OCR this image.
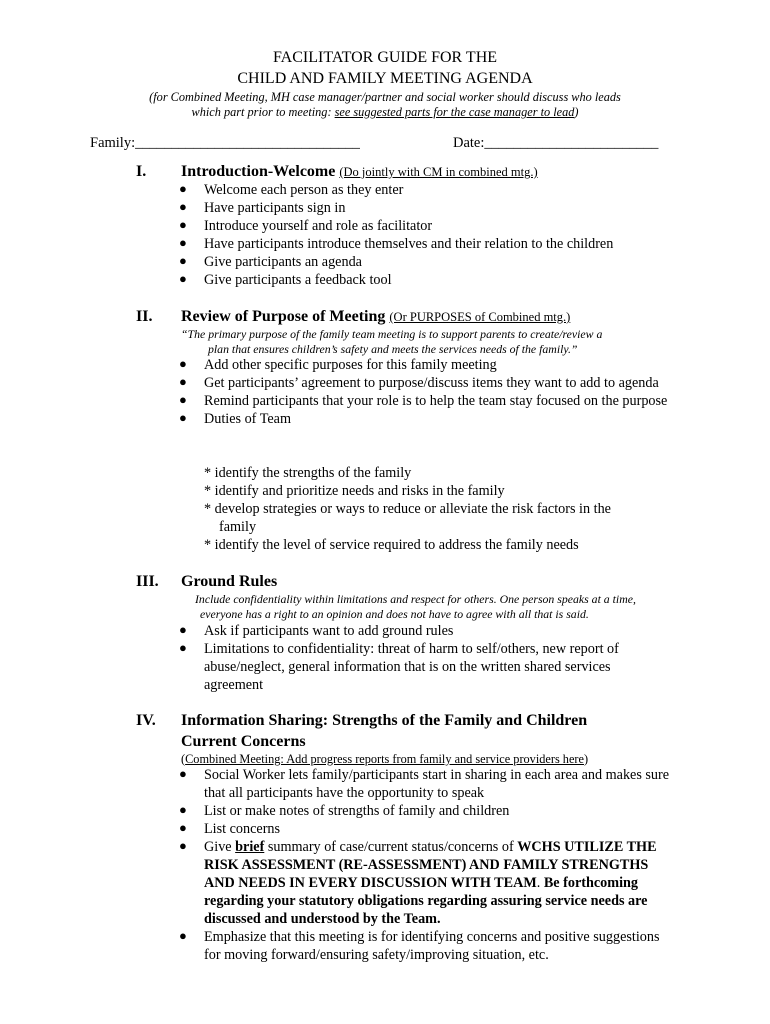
FACILITATOR GUIDE FOR THE
CHILD AND FAMILY MEETING AGENDA
(for Combined Meeting, MH case manager/partner and social worker should discuss who leads
which part prior to meeting: see suggested parts for the case manager to lead)
Family:_______________________________	Date:________________________
I. Introduction-Welcome (Do jointly with CM in combined mtg.)
● Welcome each person as they enter
● Have participants sign in
● Introduce yourself and role as facilitator
● Have participants introduce themselves and their relation to the children
● Give participants an agenda
● Give participants a feedback tool
II. Review of Purpose of Meeting (Or PURPOSES of Combined mtg.)
“The primary purpose of the family team meeting is to support parents to create/review a
plan that ensures children’s safety and meets the services needs of the family.”
● Add other specific purposes for this family meeting
● Get participants’ agreement to purpose/discuss items they want to add to agenda
● Remind participants that your role is to help the team stay focused on the purpose
● Duties of Team
* identify the strengths of the family
* identify and prioritize needs and risks in the family
* develop strategies or ways to reduce or alleviate the risk factors in the
family
* identify the level of service required to address the family needs
III. Ground Rules
Include confidentiality within limitations and respect for others. One person speaks at a time,
everyone has a right to an opinion and does not have to agree with all that is said.
● Ask if participants want to add ground rules
● Limitations to confidentiality: threat of harm to self/others, new report of abuse/neglect, general information that is on the written shared services agreement
IV. Information Sharing: Strengths of the Family and Children
Current Concerns
(Combined Meeting: Add progress reports from family and service providers here)
● Social Worker lets family/participants start in sharing in each area and makes sure that all participants have the opportunity to speak
● List or make notes of strengths of family and children
● List concerns
● Give brief summary of case/current status/concerns of WCHS UTILIZE THE RISK ASSESSMENT (RE-ASSESSMENT) AND FAMILY STRENGTHS AND NEEDS IN EVERY DISCUSSION WITH TEAM. Be forthcoming regarding your statutory obligations regarding assuring service needs are discussed and understood by the Team.
● Emphasize that this meeting is for identifying concerns and positive suggestions for moving forward/ensuring safety/improving situation, etc.
